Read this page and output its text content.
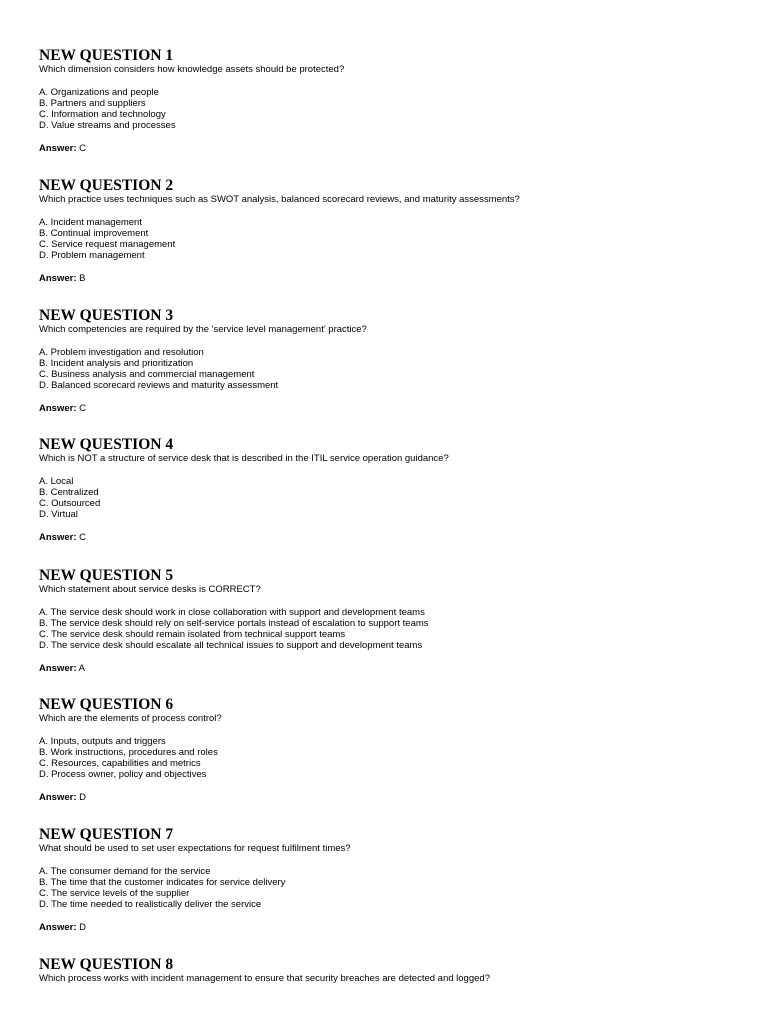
NEW QUESTION 1
Which dimension considers how knowledge assets should be protected?
A. Organizations and people
B. Partners and suppliers
C. Information and technology
D. Value streams and processes
Answer: C
NEW QUESTION 2
Which practice uses techniques such as SWOT analysis, balanced scorecard reviews, and maturity assessments?
A. Incident management
B. Continual improvement
C. Service request management
D. Problem management
Answer: B
NEW QUESTION 3
Which competencies are required by the 'service level management' practice?
A. Problem investigation and resolution
B. Incident analysis and prioritization
C. Business analysis and commercial management
D. Balanced scorecard reviews and maturity assessment
Answer: C
NEW QUESTION 4
Which is NOT a structure of service desk that is described in the ITIL service operation guidance?
A. Local
B. Centralized
C. Outsourced
D. Virtual
Answer: C
NEW QUESTION 5
Which statement about service desks is CORRECT?
A. The service desk should work in close collaboration with support and development teams
B. The service desk should rely on self-service portals instead of escalation to support teams
C. The service desk should remain isolated from technical support teams
D. The service desk should escalate all technical issues to support and development teams
Answer: A
NEW QUESTION 6
Which are the elements of process control?
A. Inputs, outputs and triggers
B. Work instructions, procedures and roles
C. Resources, capabilities and metrics
D. Process owner, policy and objectives
Answer: D
NEW QUESTION 7
What should be used to set user expectations for request fulfilment times?
A. The consumer demand for the service
B. The time that the customer indicates for service delivery
C. The service levels of the supplier
D. The time needed to realistically deliver the service
Answer: D
NEW QUESTION 8
Which process works with incident management to ensure that security breaches are detected and logged?
